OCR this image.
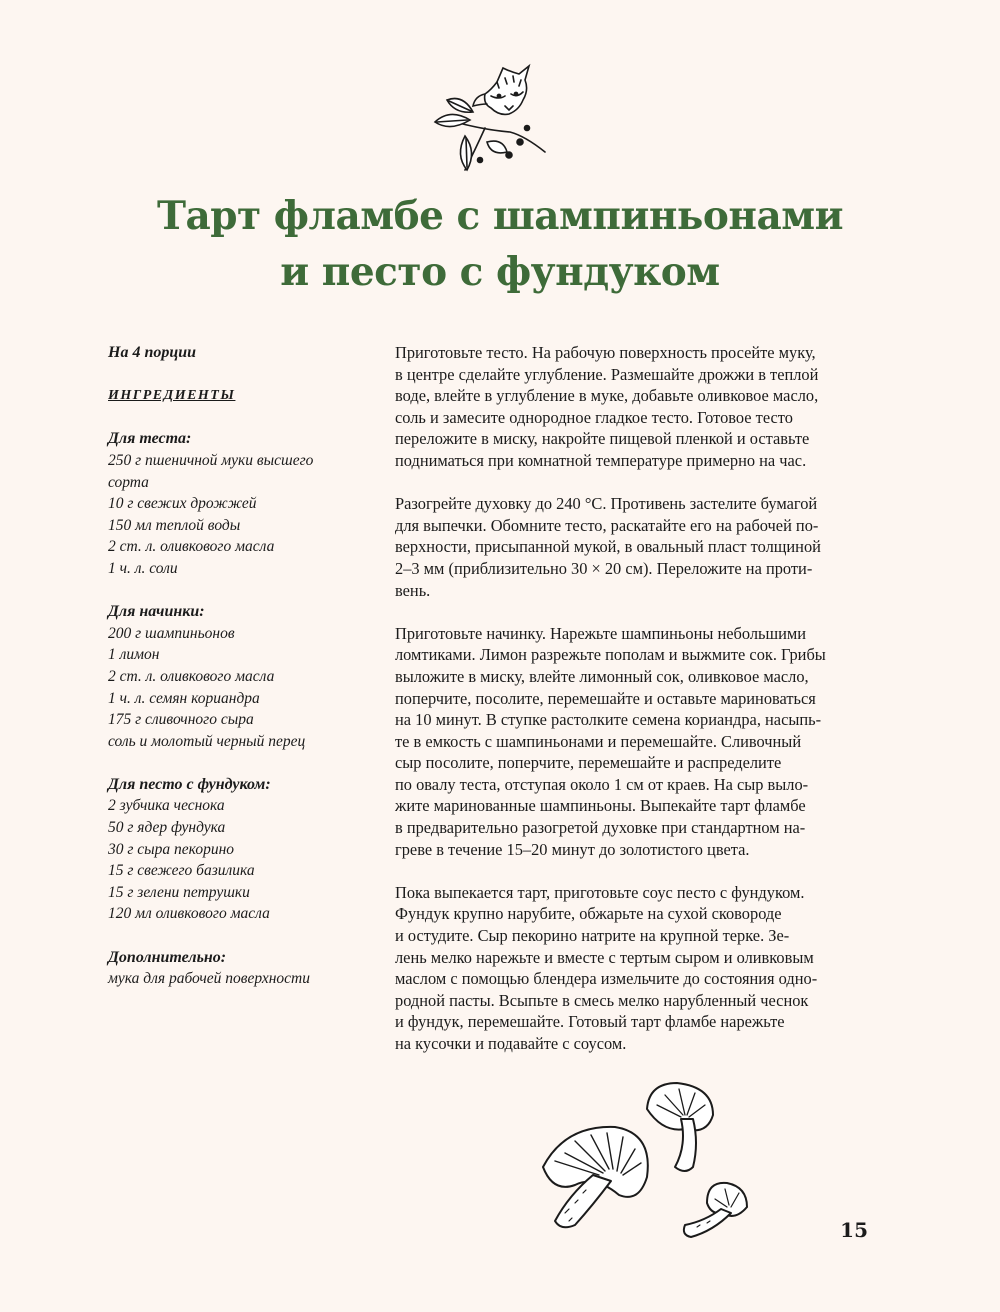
Тарт фламбе с шампиньонами
и песто с фундуком
На 4 порции
ИНГРЕДИЕНТЫ
Для теста:
250 г пшеничной муки высшего
сорта
10 г свежих дрожжей
150 мл теплой воды
2 ст. л. оливкового масла
1 ч. л. соли
Для начинки:
200 г шампиньонов
1 лимон
2 ст. л. оливкового масла
1 ч. л. семян кориандра
175 г сливочного сыра
соль и молотый черный перец
Для песто с фундуком:
2 зубчика чеснока
50 г ядер фундука
30 г сыра пекорино
15 г свежего базилика
15 г зелени петрушки
120 мл оливкового масла
Дополнительно:
мука для рабочей поверхности
Приготовьте тесто. На рабочую поверхность просейте муку,
в центре сделайте углубление. Размешайте дрожжи в теплой
воде, влейте в углубление в муке, добавьте оливковое масло,
соль и замесите однородное гладкое тесто. Готовое тесто
переложите в миску, накройте пищевой пленкой и оставьте
подниматься при комнатной температуре примерно на час.
Разогрейте духовку до 240 °С. Противень застелите бумагой
для выпечки. Обомните тесто, раскатайте его на рабочей по-
верхности, присыпанной мукой, в овальный пласт толщиной
2–3 мм (приблизительно 30 × 20 см). Переложите на проти-
вень.
Приготовьте начинку. Нарежьте шампиньоны небольшими
ломтиками. Лимон разрежьте пополам и выжмите сок. Грибы
выложите в миску, влейте лимонный сок, оливковое масло,
поперчите, посолите, перемешайте и оставьте мариноваться
на 10 минут. В ступке растолките семена кориандра, насыпь-
те в емкость с шампиньонами и перемешайте. Сливочный
сыр посолите, поперчите, перемешайте и распределите
по овалу теста, отступая около 1 см от краев. На сыр выло-
жите маринованные шампиньоны. Выпекайте тарт фламбе
в предварительно разогретой духовке при стандартном на-
греве в течение 15–20 минут до золотистого цвета.
Пока выпекается тарт, приготовьте соус песто с фундуком.
Фундук крупно нарубите, обжарьте на сухой сковороде
и остудите. Сыр пекорино натрите на крупной терке. Зе-
лень мелко нарежьте и вместе с тертым сыром и оливковым
маслом с помощью блендера измельчите до состояния одно-
родной пасты. Всыпьте в смесь мелко нарубленный чеснок
и фундук, перемешайте. Готовый тарт фламбе нарежьте
на кусочки и подавайте с соусом.
15
